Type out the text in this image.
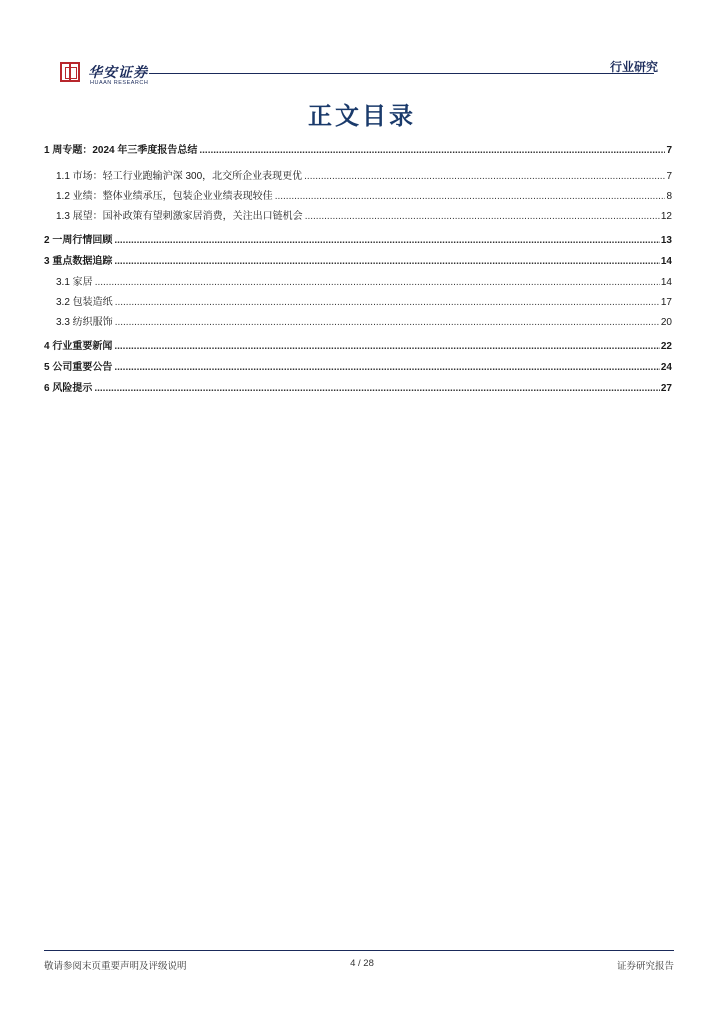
华安证券
HUAAN RESEARCH
行业研究
正文目录
1 周专题：2024 年三季度报告总结 .....	7
1.1 市场：轻工行业跑输沪深 300，北交所企业表现更优 .....	7
1.2 业绩：整体业绩承压，包装企业业绩表现较佳 .....	8
1.3 展望：国补政策有望刺激家居消费，关注出口链机会 .....	12
2 一周行情回顾 .....	13
3 重点数据追踪 .....	14
3.1 家居 .....	14
3.2 包装造纸 .....	17
3.3 纺织服饰 .....	20
4 行业重要新闻 .....	22
5 公司重要公告 .....	24
6 风险提示 .....	27
敬请参阅末页重要声明及评级说明	4 / 28	证券研究报告
